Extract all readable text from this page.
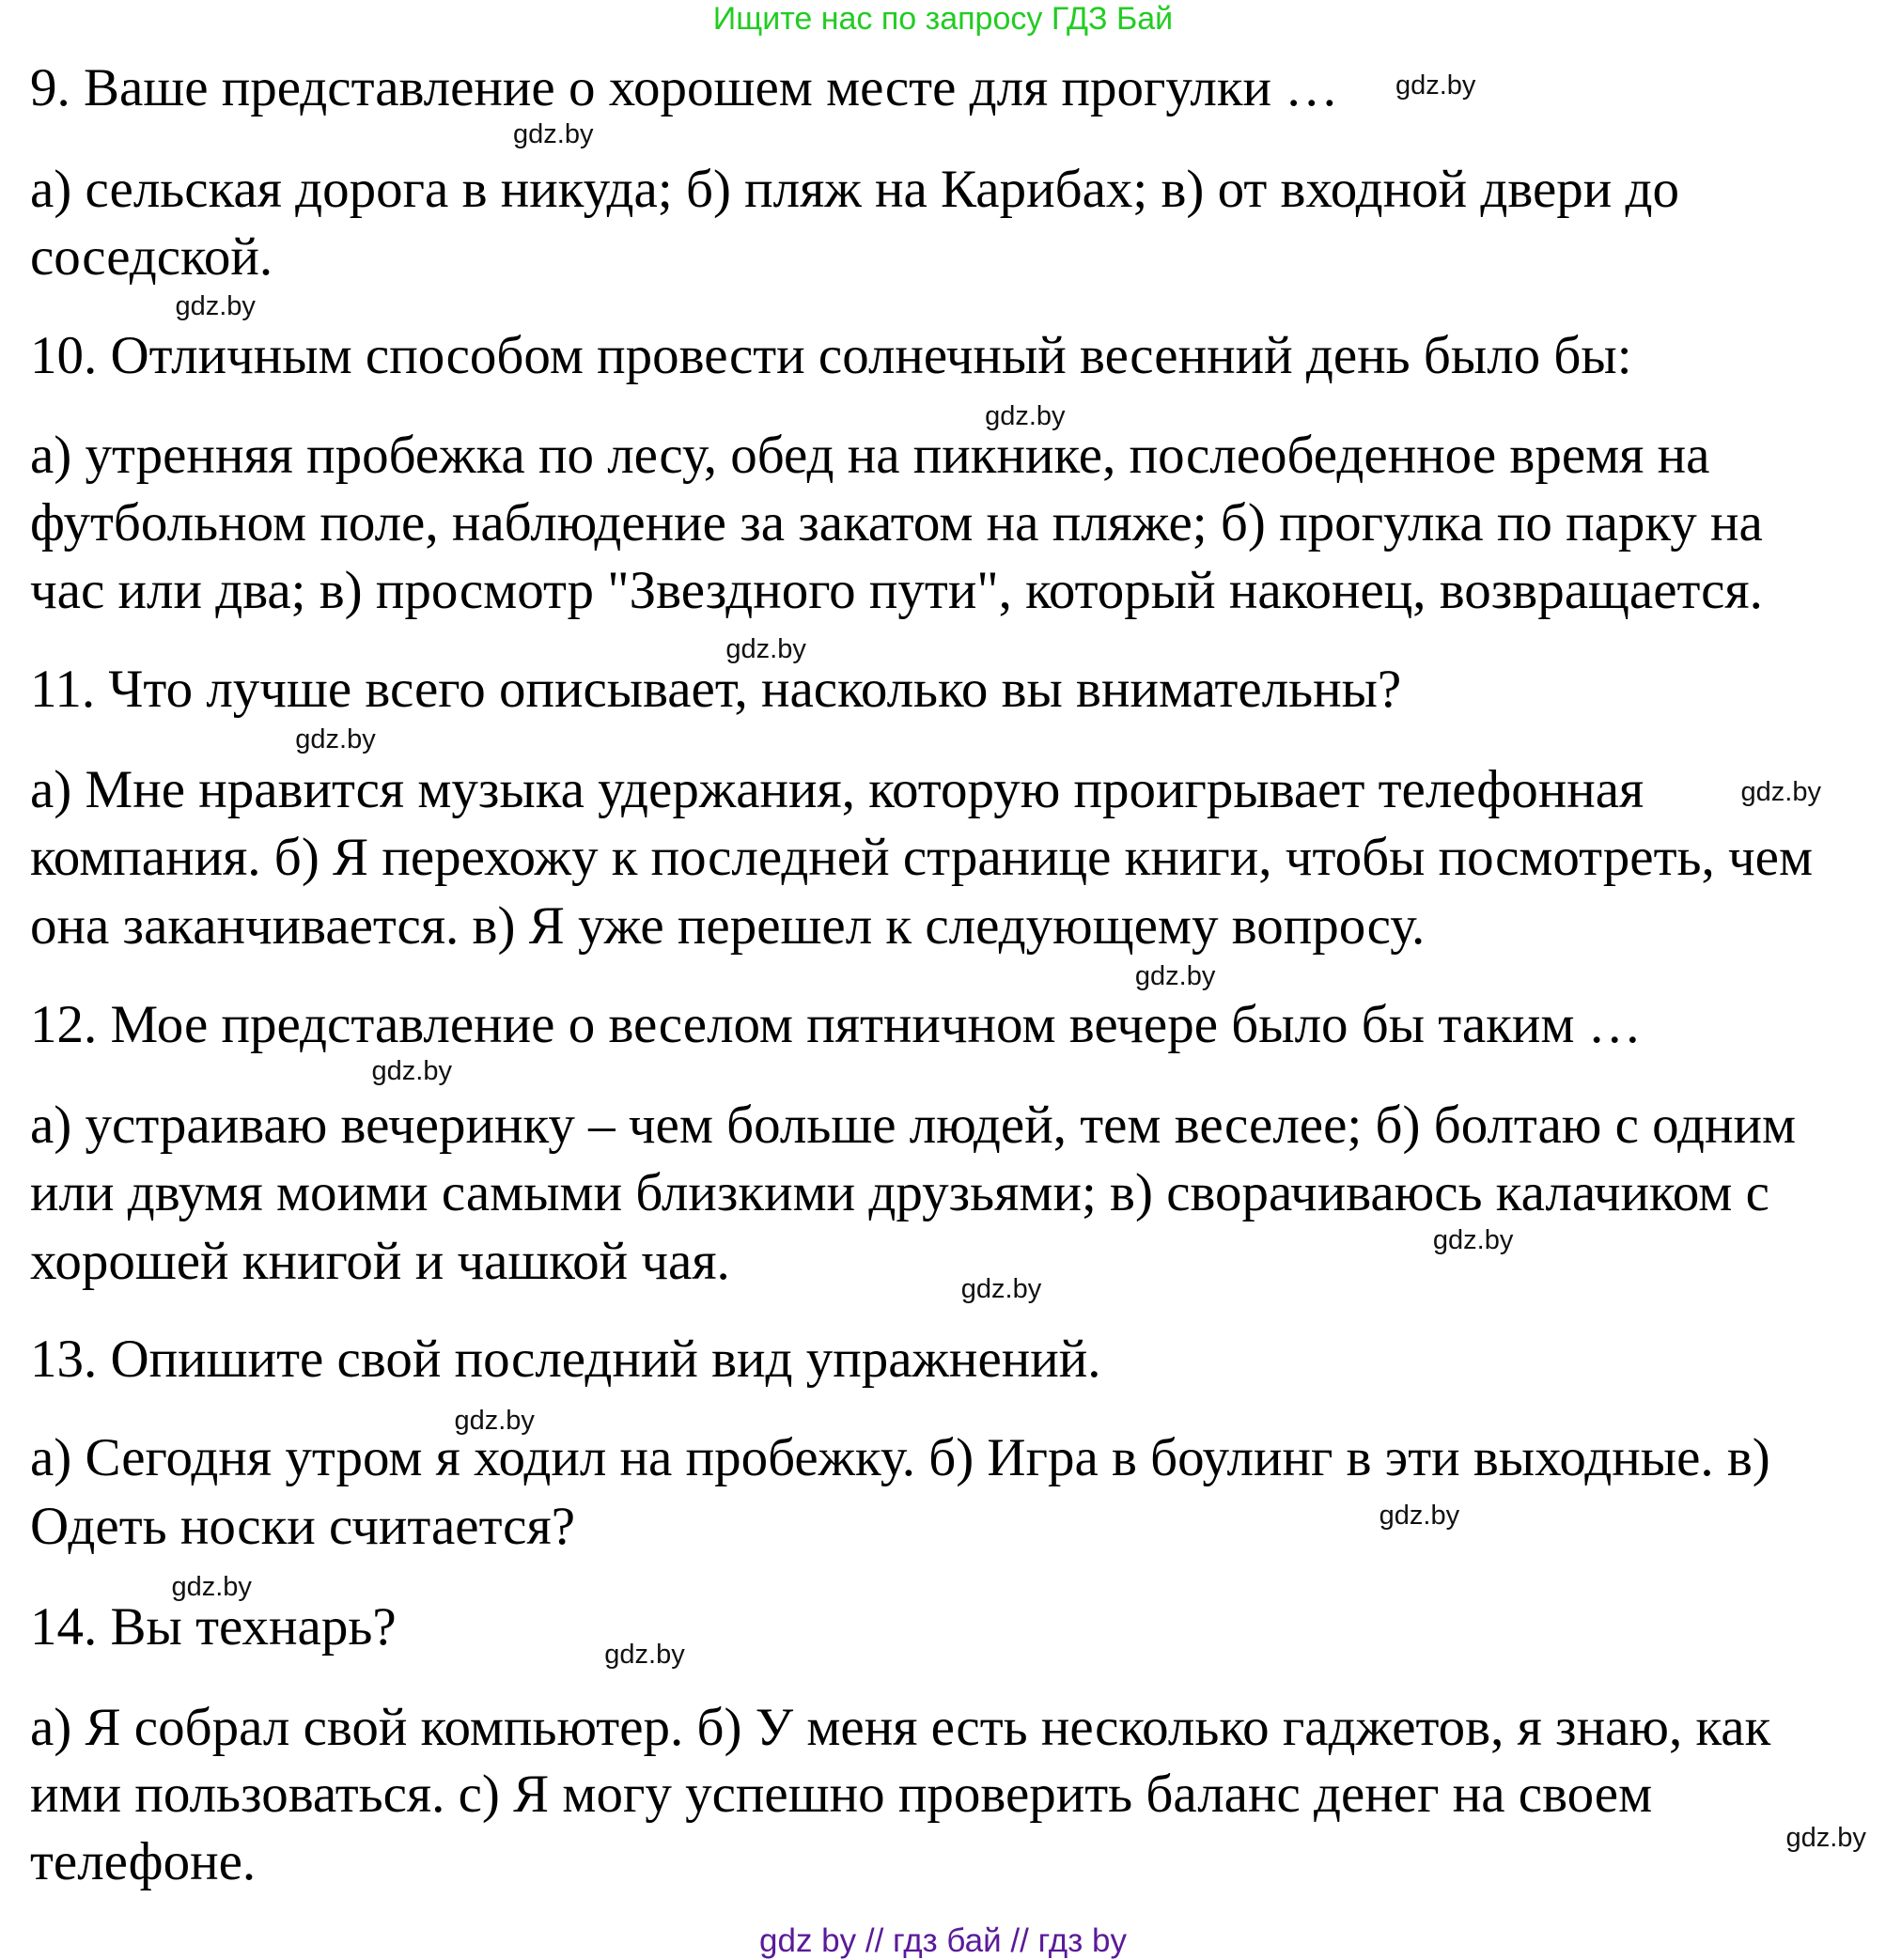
Ищите нас по запросу ГДЗ Бай
9. Ваше представление о хорошем месте для прогулки …
а) сельская дорога в никуда; б) пляж на Карибах; в) от входной двери до
соседской.
10. Отличным способом провести солнечный весенний день было бы:
а) утренняя пробежка по лесу, обед на пикнике, послеобеденное время на
футбольном поле, наблюдение за закатом на пляже; б) прогулка по парку на
час или два; в) просмотр "Звездного пути", который наконец, возвращается.
11. Что лучше всего описывает, насколько вы внимательны?
а) Мне нравится музыка удержания, которую проигрывает телефонная
компания. б) Я перехожу к последней странице книги, чтобы посмотреть, чем
она заканчивается. в) Я уже перешел к следующему вопросу.
12. Мое представление о веселом пятничном вечере было бы таким …
а) устраиваю вечеринку – чем больше людей, тем веселее; б) болтаю с одним
или двумя моими самыми близкими друзьями; в) сворачиваюсь калачиком с
хорошей книгой и чашкой чая.
13. Опишите свой последний вид упражнений.
а) Сегодня утром я ходил на пробежку. б) Игра в боулинг в эти выходные. в)
Одеть носки считается?
14. Вы технарь?
а) Я собрал свой компьютер. б) У меня есть несколько гаджетов, я знаю, как
ими пользоваться. с) Я могу успешно проверить баланс денег на своем
телефоне.
gdz.by
gdz.by
gdz.by
gdz.by
gdz.by
gdz.by
gdz.by
gdz.by
gdz.by
gdz.by
gdz.by
gdz.by
gdz.by
gdz.by
gdz.by
gdz.by
gdz by // гдз бай // гдз by
